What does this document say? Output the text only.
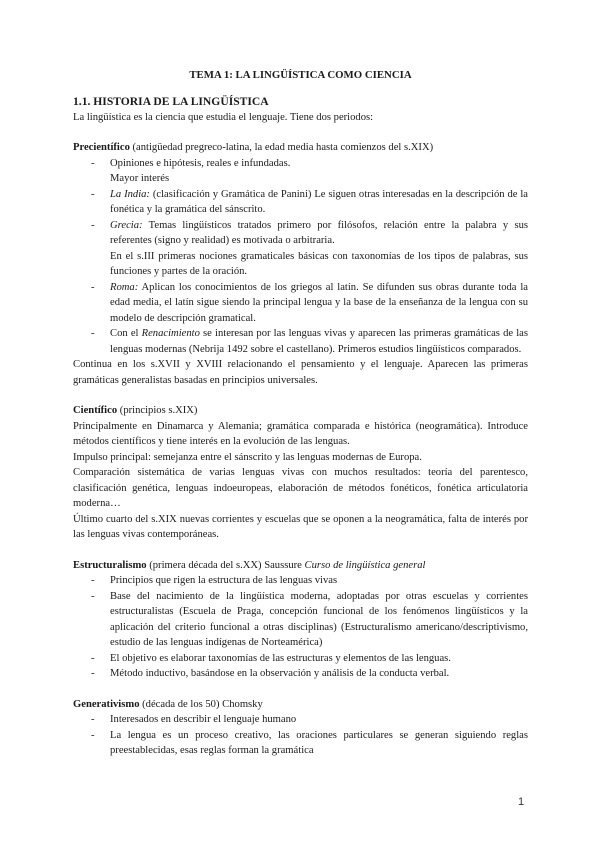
TEMA 1: LA LINGÜÍSTICA COMO CIENCIA
1.1. HISTORIA DE LA LINGÜÍSTICA

La lingüística es la ciencia que estudia el lenguaje. Tiene dos periodos:

Precientífico (antigüedad pregreco-latina, la edad media hasta comienzos del s.XIX)

- Opiniones e hipótesis, reales e infundadas.
Mayor interés
- La India: (clasificación y Gramática de Panini) Le siguen otras interesadas en la descripción de la fonética y la gramática del sánscrito.
- Grecia: Temas lingüísticos tratados primero por filósofos, relación entre la palabra y sus referentes (signo y realidad) es motivada o arbitraria.
En el s.III primeras nociones gramaticales básicas con taxonomías de los tipos de palabras, sus funciones y partes de la oración.
- Roma: Aplican los conocimientos de los griegos al latín. Se difunden sus obras durante toda la edad media, el latín sigue siendo la principal lengua y la base de la enseñanza de la lengua con su modelo de descripción gramatical.
- Con el Renacimiento se interesan por las lenguas vivas y aparecen las primeras gramáticas de las lenguas modernas (Nebrija 1492 sobre el castellano). Primeros estudios lingüísticos comparados.

Continua en los s.XVII y XVIII relacionando el pensamiento y el lenguaje. Aparecen las primeras gramáticas generalistas basadas en principios universales.

Científico (principios s.XIX)

Principalmente en Dinamarca y Alemania; gramática comparada e histórica (neogramática). Introduce métodos científicos y tiene interés en la evolución de las lenguas.

Impulso principal: semejanza entre el sánscrito y las lenguas modernas de Europa.

Comparación sistemática de varias lenguas vivas con muchos resultados: teoría del parentesco, clasificación genética, lenguas indoeuropeas, elaboración de métodos fonéticos, fonética articulatoria moderna…

Último cuarto del s.XIX nuevas corrientes y escuelas que se oponen a la neogramática, falta de interés por las lenguas vivas contemporáneas.

Estructuralismo (primera década del s.XX) Saussure Curso de lingüística general

- Principios que rigen la estructura de las lenguas vivas
- Base del nacimiento de la lingüística moderna, adoptadas por otras escuelas y corrientes estructuralistas (Escuela de Praga, concepción funcional de los fenómenos lingüísticos y la aplicación del criterio funcional a otras disciplinas) (Estructuralismo americano/descriptivismo, estudio de las lenguas indígenas de Norteamérica)
- El objetivo es elaborar taxonomías de las estructuras y elementos de las lenguas.
- Método inductivo, basándose en la observación y análisis de la conducta verbal.

Generativismo (década de los 50) Chomsky

- Interesados en describir el lenguaje humano
- La lengua es un proceso creativo, las oraciones particulares se generan siguiendo reglas preestablecidas, esas reglas forman la gramática
1
